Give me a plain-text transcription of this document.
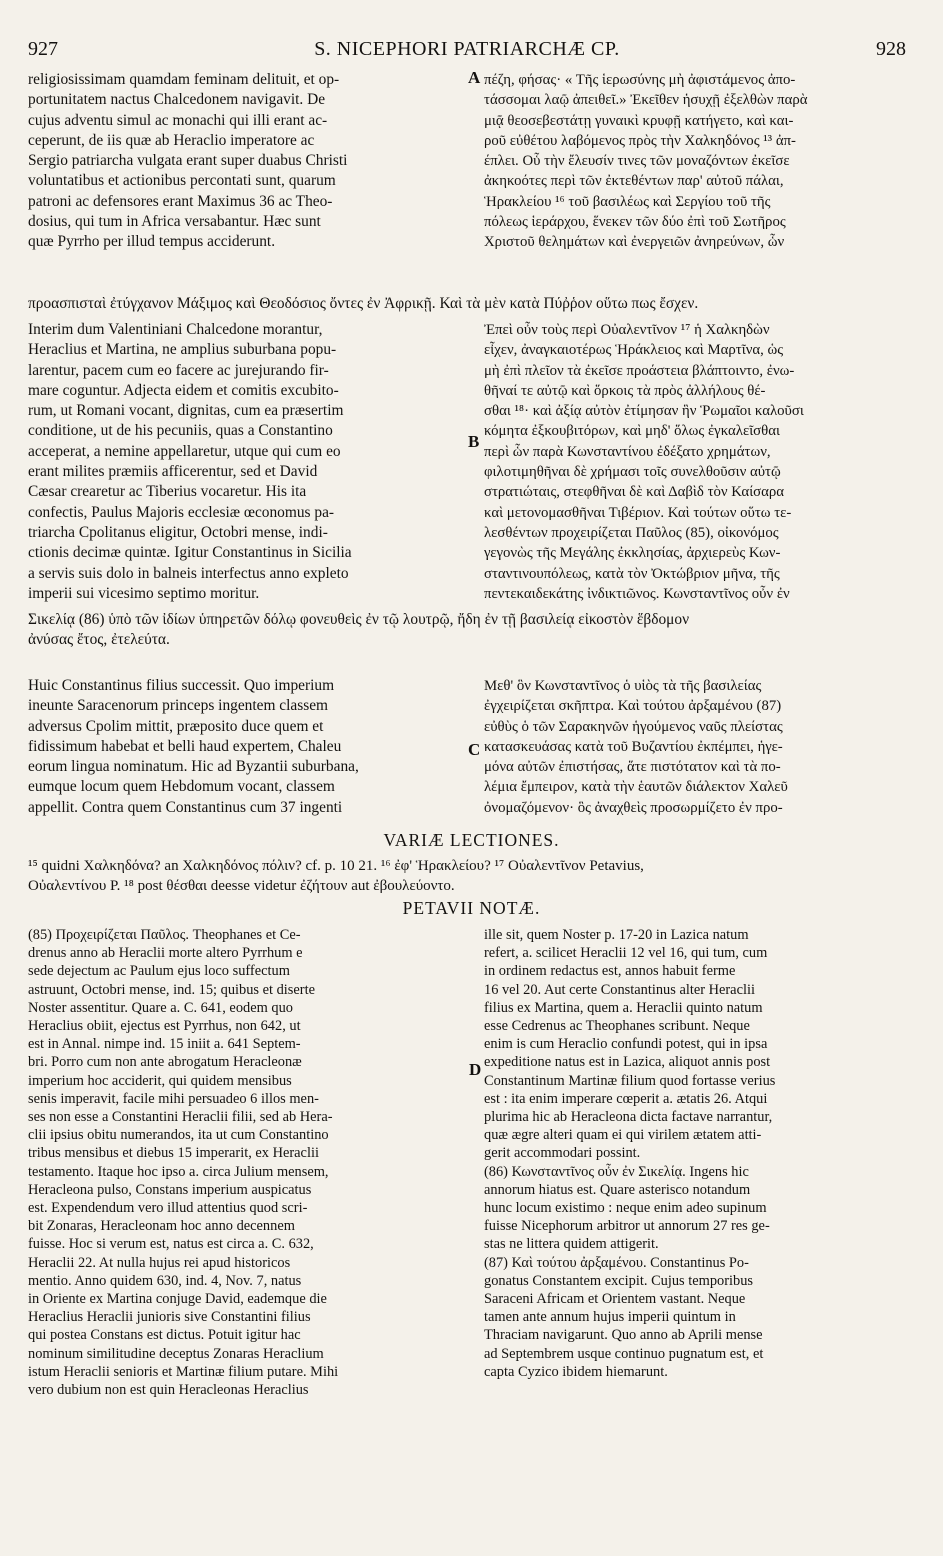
927	S. NICEPHORI PATRIARCHÆ CP.	928
A
B
C
D
religiosissimam quamdam feminam delituit, et op-
portunitatem nactus Chalcedonem navigavit. De
cujus adventu simul ac monachi qui illi erant ac-
ceperunt, de iis quæ ab Heraclio imperatore ac
Sergio patriarcha vulgata erant super duabus Christi
voluntatibus et actionibus percontati sunt, quarum
patroni ac defensores erant Maximus 36 ac Theo-
dosius, qui tum in Africa versabantur. Hæc sunt
quæ Pyrrho per illud tempus acciderunt.
πέζη, φήσας· « Τῆς ἱερωσύνης μὴ ἀφιστάμενος ἀπο-
τάσσομαι λαῷ ἀπειθεῖ.» Ἐκεῖθεν ἡσυχῇ ἐξελθὼν παρὰ
μιᾷ θεοσεβεστάτῃ γυναικὶ κρυφῇ κατήγετο, καὶ και-
ροῦ εὐθέτου λαβόμενος πρὸς τὴν Χαλκηδόνος ¹³ ἀπ-
έπλει. Οὗ τὴν ἔλευσίν τινες τῶν μοναζόντων ἐκεῖσε
ἀκηκοότες περὶ τῶν ἐκτεθέντων παρ' αὐτοῦ πάλαι,
Ἡρακλείου ¹⁶ τοῦ βασιλέως καὶ Σεργίου τοῦ τῆς
πόλεως ἱεράρχου, ἕνεκεν τῶν δύο ἐπὶ τοῦ Σωτῆρος
Χριστοῦ θελημάτων καὶ ἐνεργειῶν ἀνηρεύνων, ὧν
προασπισταὶ ἐτύγχανον Μάξιμος καὶ Θεοδόσιος ὄντες ἐν Ἀφρικῇ. Καὶ τὰ μὲν κατὰ Πύῤῥον οὕτω πως ἔσχεν.
Interim dum Valentiniani Chalcedone morantur,
Heraclius et Martina, ne amplius suburbana popu-
larentur, pacem cum eo facere ac jurejurando fir-
mare coguntur. Adjecta eidem et comitis excubito-
rum, ut Romani vocant, dignitas, cum ea præsertim
conditione, ut de his pecuniis, quas a Constantino
acceperat, a nemine appellaretur, utque qui cum eo
erant milites præmiis afficerentur, sed et David
Cæsar crearetur ac Tiberius vocaretur. His ita
confectis, Paulus Majoris ecclesiæ œconomus pa-
triarcha Cpolitanus eligitur, Octobri mense, indi-
ctionis decimæ quintæ. Igitur Constantinus in Sicilia
a servis suis dolo in balneis interfectus anno expleto
imperii sui vicesimo septimo moritur.
Ἐπεὶ οὖν τοὺς περὶ Οὐαλεντῖνον ¹⁷ ἡ Χαλκηδὼν
εἶχεν, ἀναγκαιοτέρως Ἡράκλειος καὶ Μαρτῖνα, ὡς
μὴ ἐπὶ πλεῖον τὰ ἐκεῖσε προάστεια βλάπτοιντο, ἐνω-
θῆναί τε αὐτῷ καὶ ὅρκοις τὰ πρὸς ἀλλήλους θέ-
σθαι ¹⁸· καὶ ἀξίᾳ αὐτὸν ἐτίμησαν ἣν Ῥωμαῖοι καλοῦσι
κόμητα ἐξκουβιτόρων, καὶ μηδ' ὅλως ἐγκαλεῖσθαι
περὶ ὧν παρὰ Κωνσταντίνου ἐδέξατο χρημάτων,
φιλοτιμηθῆναι δὲ χρήμασι τοῖς συνελθοῦσιν αὐτῷ
στρατιώταις, στεφθῆναι δὲ καὶ Δαβὶδ τὸν Καίσαρα
καὶ μετονομασθῆναι Τιβέριον. Καὶ τούτων οὕτω τε-
λεσθέντων προχειρίζεται Παῦλος (85), οἰκονόμος
γεγονὼς τῆς Μεγάλης ἐκκλησίας, ἀρχιερεὺς Κων-
σταντινουπόλεως, κατὰ τὸν Ὀκτώβριον μῆνα, τῆς
πεντεκαιδεκάτης ἰνδικτιῶνος. Κωνσταντῖνος οὖν ἐν
Σικελίᾳ (86) ὑπὸ τῶν ἰδίων ὑπηρετῶν δόλῳ φονευθεὶς ἐν τῷ λουτρῷ, ἤδη ἐν τῇ βασιλείᾳ εἰκοστὸν ἕβδομον
ἀνύσας ἔτος, ἐτελεύτα.
Huic Constantinus filius successit. Quo imperium
ineunte Saracenorum princeps ingentem classem
adversus Cpolim mittit, præposito duce quem et
fidissimum habebat et belli haud expertem, Chaleu
eorum lingua nominatum. Hic ad Byzantii suburbana,
eumque locum quem Hebdomum vocant, classem
appellit. Contra quem Constantinus cum 37 ingenti
Μεθ' ὃν Κωνσταντῖνος ὁ υἱὸς τὰ τῆς βασιλείας
ἐγχειρίζεται σκῆπτρα. Καὶ τούτου ἀρξαμένου (87)
εὐθὺς ὁ τῶν Σαρακηνῶν ἡγούμενος ναῦς πλείστας
κατασκευάσας κατὰ τοῦ Βυζαντίου ἐκπέμπει, ἡγε-
μόνα αὐτῶν ἐπιστήσας, ἅτε πιστότατον καὶ τὰ πο-
λέμια ἔμπειρον, κατὰ τὴν ἑαυτῶν διάλεκτον Χαλεῦ
ὀνομαζόμενον· ὃς ἀναχθεὶς προσωρμίζετο ἐν προ-
VARIÆ LECTIONES.
¹⁵ quidni Χαλκηδόνα? an Χαλκηδόνος πόλιν? cf. p. 10 21. ¹⁶ ἐφ' Ἡρακλείου? ¹⁷ Οὐαλεντῖνον Petavius,
Οὐαλεντίνου P. ¹⁸ post θέσθαι deesse videtur ἐζήτουν aut ἐβουλεύοντο.
PETAVII NOTÆ.
(85) Προχειρίζεται Παῦλος. Theophanes et Ce-
drenus anno ab Heraclii morte altero Pyrrhum e
sede dejectum ac Paulum ejus loco suffectum
astruunt, Octobri mense, ind. 15; quibus et diserte
Noster assentitur. Quare a. C. 641, eodem quo
Heraclius obiit, ejectus est Pyrrhus, non 642, ut
est in Annal. nimpe ind. 15 iniit a. 641 Septem-
bri. Porro cum non ante abrogatum Heracleonæ
imperium hoc acciderit, qui quidem mensibus
senis imperavit, facile mihi persuadeo 6 illos men-
ses non esse a Constantini Heraclii filii, sed ab Hera-
clii ipsius obitu numerandos, ita ut cum Constantino
tribus mensibus et diebus 15 imperarit, ex Heraclii
testamento. Itaque hoc ipso a. circa Julium mensem,
Heracleona pulso, Constans imperium auspicatus
est. Expendendum vero illud attentius quod scri-
bit Zonaras, Heracleonam hoc anno decennem
fuisse. Hoc si verum est, natus est circa a. C. 632,
Heraclii 22. At nulla hujus rei apud historicos
mentio. Anno quidem 630, ind. 4, Nov. 7, natus
in Oriente ex Martina conjuge David, eademque die
Heraclius Heraclii junioris sive Constantini filius
qui postea Constans est dictus. Potuit igitur hac
nominum similitudine deceptus Zonaras Heraclium
istum Heraclii senioris et Martinæ filium putare. Mihi
vero dubium non est quin Heracleonas Heraclius
ille sit, quem Noster p. 17-20 in Lazica natum
refert, a. scilicet Heraclii 12 vel 16, qui tum, cum
in ordinem redactus est, annos habuit ferme
16 vel 20. Aut certe Constantinus alter Heraclii
filius ex Martina, quem a. Heraclii quinto natum
esse Cedrenus ac Theophanes scribunt. Neque
enim is cum Heraclio confundi potest, qui in ipsa
expeditione natus est in Lazica, aliquot annis post
Constantinum Martinæ filium quod fortasse verius
est : ita enim imperare cœperit a. ætatis 26. Atqui
plurima hic ab Heracleona dicta factave narrantur,
quæ ægre alteri quam ei qui virilem ætatem atti-
gerit accommodari possint.
(86) Κωνσταντῖνος οὖν ἐν Σικελίᾳ. Ingens hic
annorum hiatus est. Quare asterisco notandum
hunc locum existimo : neque enim adeo supinum
fuisse Nicephorum arbitror ut annorum 27 res ge-
stas ne littera quidem attigerit.
(87) Καὶ τούτου ἀρξαμένου. Constantinus Po-
gonatus Constantem excipit. Cujus temporibus
Saraceni Africam et Orientem vastant. Neque
tamen ante annum hujus imperii quintum in
Thraciam navigarunt. Quo anno ab Aprili mense
ad Septembrem usque continuo pugnatum est, et
capta Cyzico ibidem hiemarunt.
